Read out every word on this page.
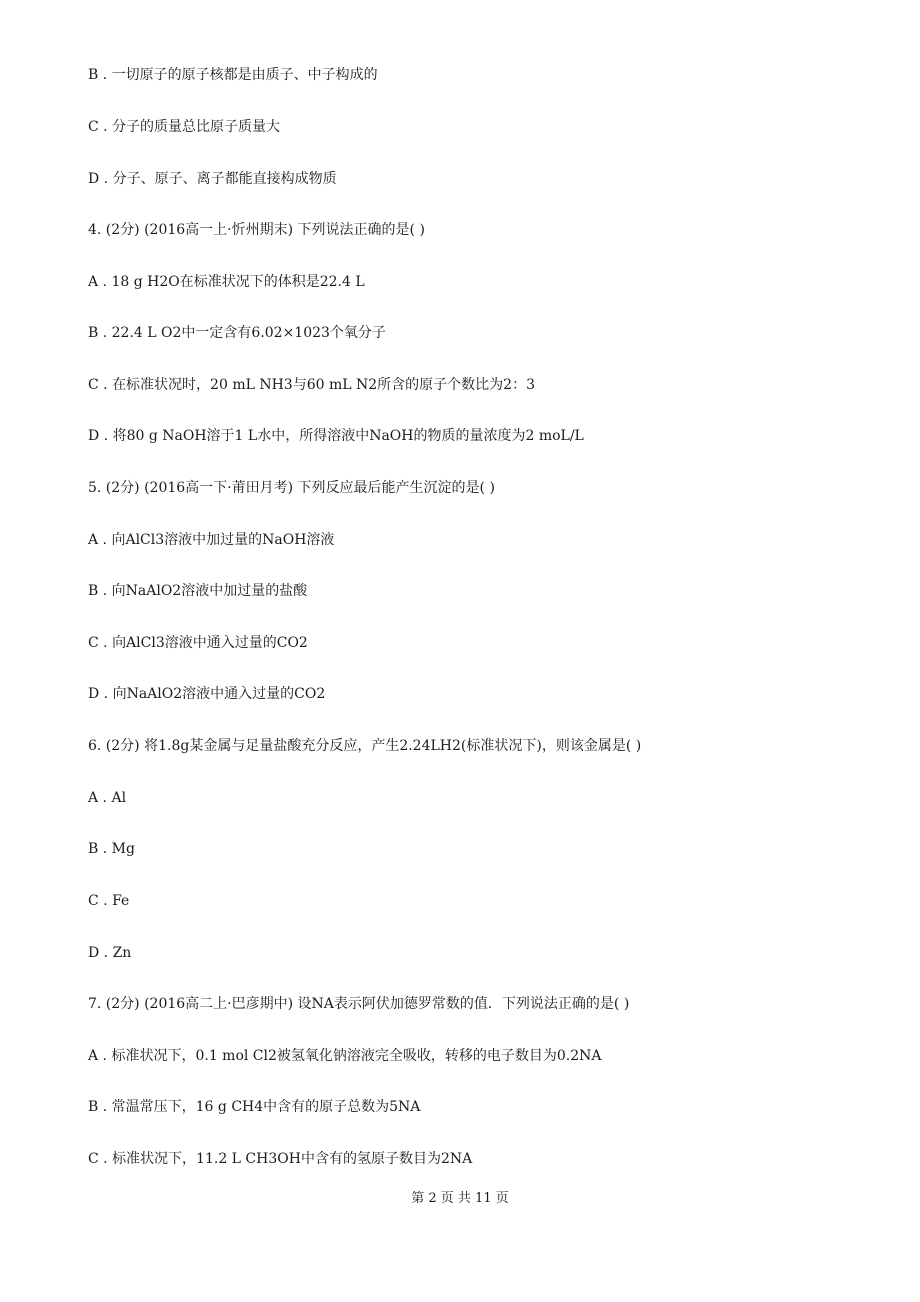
B . 一切原子的原子核都是由质子、中子构成的
C . 分子的质量总比原子质量大
D . 分子、原子、离子都能直接构成物质
4. (2分) (2016高一上·忻州期末) 下列说法正确的是( )
A . 18 g H2O在标准状况下的体积是22.4 L
B . 22.4 L O2中一定含有6.02×1023个氧分子
C . 在标准状况时，20 mL NH3与60 mL N2所含的原子个数比为2：3
D . 将80 g NaOH溶于1 L水中，所得溶液中NaOH的物质的量浓度为2 moL/L
5. (2分) (2016高一下·莆田月考) 下列反应最后能产生沉淀的是( )
A . 向AlCl3溶液中加过量的NaOH溶液
B . 向NaAlO2溶液中加过量的盐酸
C . 向AlCl3溶液中通入过量的CO2
D . 向NaAlO2溶液中通入过量的CO2
6. (2分) 将1.8g某金属与足量盐酸充分反应，产生2.24LH2(标准状况下)，则该金属是( )
A . Al
B . Mg
C . Fe
D . Zn
7. (2分) (2016高二上·巴彦期中) 设NA表示阿伏加德罗常数的值．下列说法正确的是( )
A . 标准状况下，0.1 mol Cl2被氢氧化钠溶液完全吸收，转移的电子数目为0.2NA
B . 常温常压下，16 g CH4中含有的原子总数为5NA
C . 标准状况下，11.2 L CH3OH中含有的氢原子数目为2NA
第 2 页 共 11 页
